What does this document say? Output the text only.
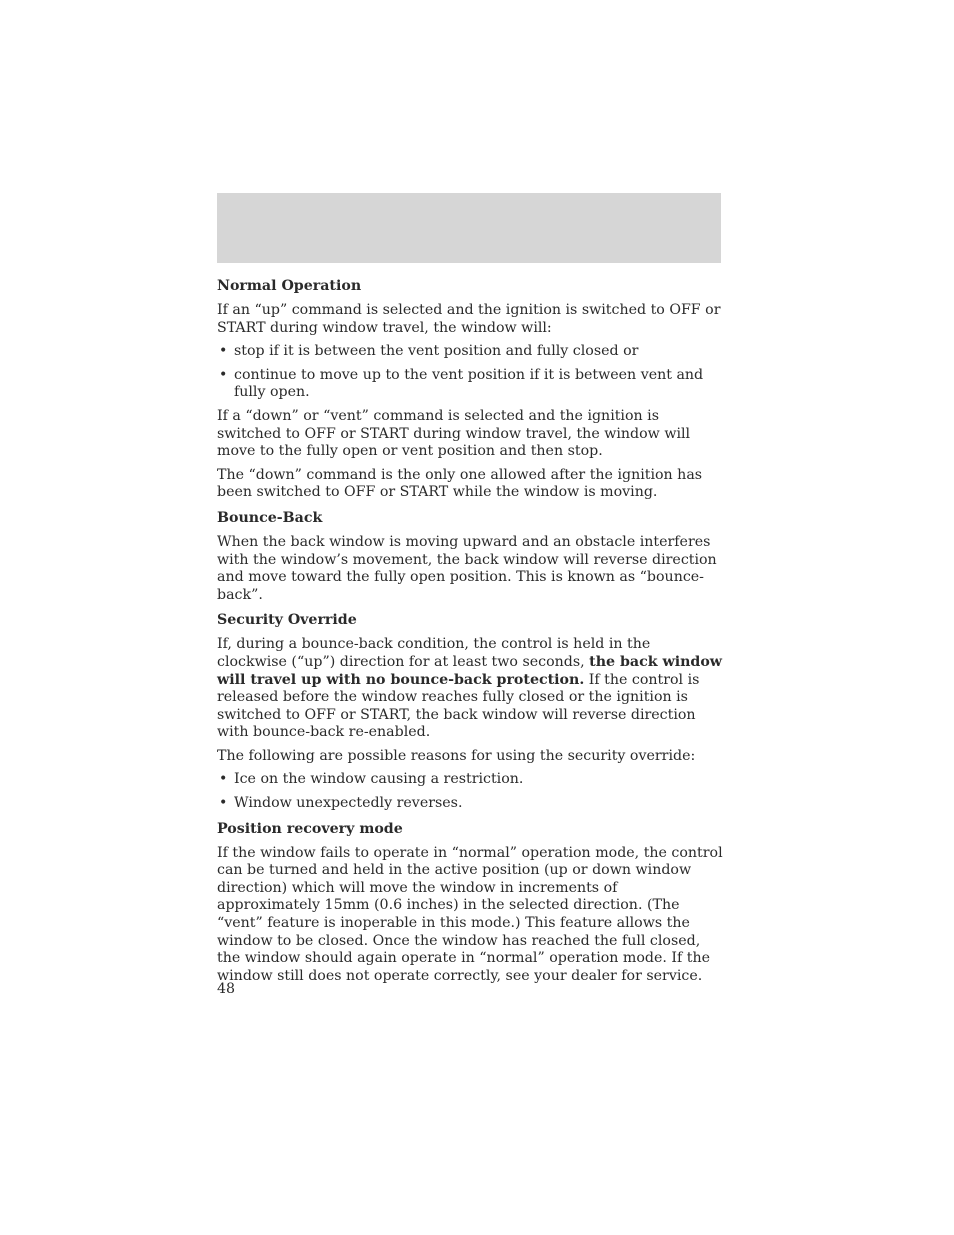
Normal Operation

If an “up” command is selected and the ignition is switched to OFF or START during window travel, the window will:

• stop if it is between the vent position and fully closed or
• continue to move up to the vent position if it is between vent and fully open.

If a “down” or “vent” command is selected and the ignition is switched to OFF or START during window travel, the window will move to the fully open or vent position and then stop.

The “down” command is the only one allowed after the ignition has been switched to OFF or START while the window is moving.

Bounce-Back

When the back window is moving upward and an obstacle interferes with the window’s movement, the back window will reverse direction and move toward the fully open position. This is known as “bounce-back”.

Security Override

If, during a bounce-back condition, the control is held in the clockwise (“up”) direction for at least two seconds, the back window will travel up with no bounce-back protection. If the control is released before the window reaches fully closed or the ignition is switched to OFF or START, the back window will reverse direction with bounce-back re-enabled.

The following are possible reasons for using the security override:

• Ice on the window causing a restriction.
• Window unexpectedly reverses.
Position recovery mode

If the window fails to operate in “normal” operation mode, the control can be turned and held in the active position (up or down window direction) which will move the window in increments of approximately 15mm (0.6 inches) in the selected direction. (The “vent” feature is inoperable in this mode.) This feature allows the window to be closed. Once the window has reached the full closed, the window should again operate in “normal” operation mode. If the window still does not operate correctly, see your dealer for service.

48
